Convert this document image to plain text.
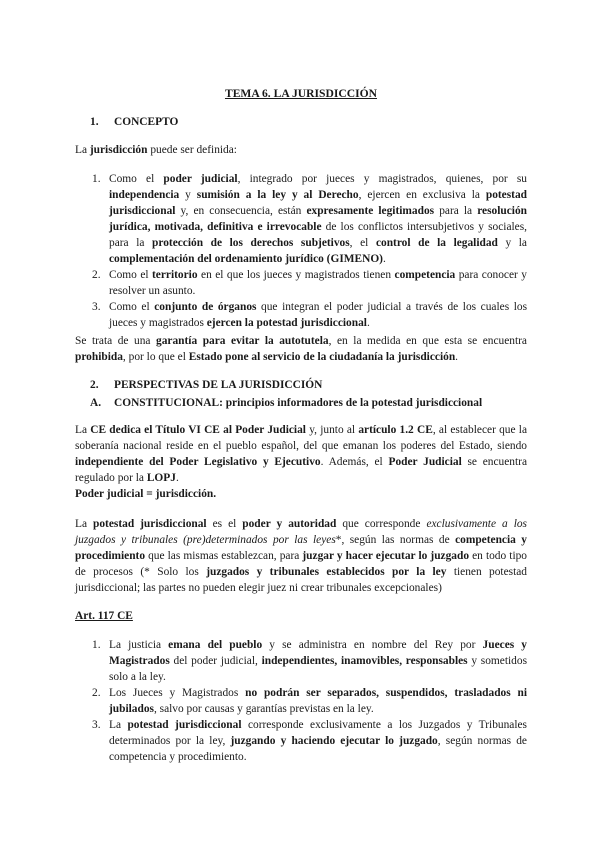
TEMA 6. LA JURISDICCIÓN
1. CONCEPTO
La jurisdicción puede ser definida:
1. Como el poder judicial, integrado por jueces y magistrados, quienes, por su independencia y sumisión a la ley y al Derecho, ejercen en exclusiva la potestad jurisdiccional y, en consecuencia, están expresamente legitimados para la resolución jurídica, motivada, definitiva e irrevocable de los conflictos intersubjetivos y sociales, para la protección de los derechos subjetivos, el control de la legalidad y la complementación del ordenamiento jurídico (GIMENO).
2. Como el territorio en el que los jueces y magistrados tienen competencia para conocer y resolver un asunto.
3. Como el conjunto de órganos que integran el poder judicial a través de los cuales los jueces y magistrados ejercen la potestad jurisdiccional.
Se trata de una garantía para evitar la autotutela, en la medida en que esta se encuentra prohibida, por lo que el Estado pone al servicio de la ciudadanía la jurisdicción.
2. PERSPECTIVAS DE LA JURISDICCIÓN
A. CONSTITUCIONAL: principios informadores de la potestad jurisdiccional
La CE dedica el Título VI CE al Poder Judicial y, junto al artículo 1.2 CE, al establecer que la soberanía nacional reside en el pueblo español, del que emanan los poderes del Estado, siendo independiente del Poder Legislativo y Ejecutivo. Además, el Poder Judicial se encuentra regulado por la LOPJ.
Poder judicial = jurisdicción.
La potestad jurisdiccional es el poder y autoridad que corresponde exclusivamente a los juzgados y tribunales (pre)determinados por las leyes*, según las normas de competencia y procedimiento que las mismas establezcan, para juzgar y hacer ejecutar lo juzgado en todo tipo de procesos (* Solo los juzgados y tribunales establecidos por la ley tienen potestad jurisdiccional; las partes no pueden elegir juez ni crear tribunales excepcionales)
Art. 117 CE
1. La justicia emana del pueblo y se administra en nombre del Rey por Jueces y Magistrados del poder judicial, independientes, inamovibles, responsables y sometidos solo a la ley.
2. Los Jueces y Magistrados no podrán ser separados, suspendidos, trasladados ni jubilados, salvo por causas y garantías previstas en la ley.
3. La potestad jurisdiccional corresponde exclusivamente a los Juzgados y Tribunales determinados por la ley, juzgando y haciendo ejecutar lo juzgado, según normas de competencia y procedimiento.
